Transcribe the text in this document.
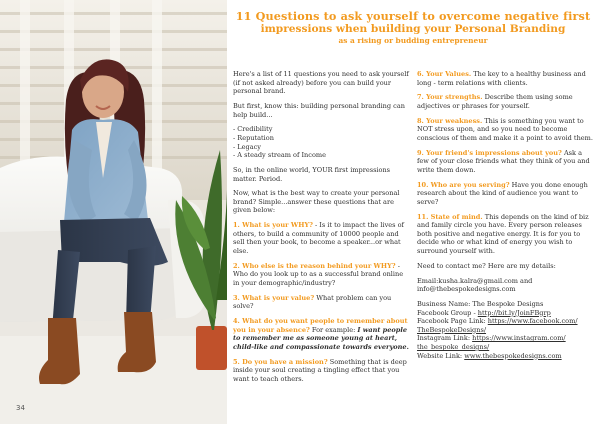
34
11 Questions to ask yourself to overcome negative first
impressions when building your Personal Branding
as a rising or budding entrepreneur

Here's a list of 11 questions you need to ask yourself (if not asked already) before you can build your personal brand.

But first, know this: building personal branding can help build...

- Credibility
- Reputation
- Legacy
- A steady stream of Income

So, in the online world, YOUR first impressions matter. Period.

Now, what is the best way to create your personal brand? Simple...answer these questions that are given below:

1. What is your WHY? - Is it to impact the lives of others, to build a community of 10000 people and sell then your book, to become a speaker...or what else.

2. Who else is the reason behind your WHY? - Who do you look up to as a successful brand online in your demographic/industry?

3. What is your value? What problem can you solve?

4. What do you want people to remember about you in your absence? For example: I want people to remember me as someone young at heart, child-like and compassionate towards everyone.

5. Do you have a mission? Something that is deep inside your soul creating a tingling effect that you want to teach others.

6. Your Values. The key to a healthy business and long - term relations with clients.

7. Your strengths. Describe them using some adjectives or phrases for yourself.

8. Your weakness. This is something you want to NOT stress upon, and so you need to become conscious of them and make it a point to avoid them.

9. Your friend's impressions about you? Ask a few of your close friends what they think of you and write them down.

10. Who are you serving? Have you done enough research about the kind of audience you want to serve?

11. State of mind. This depends on the kind of biz and family circle you have. Every person releases both positive and negative energy. It is for you to decide who or what kind of energy you wish to surround yourself with.

Need to contact me? Here are my details:

Email:kusha.kalra@gmail.com and
info@thebespokedesigns.com

Business Name: The Bespoke Designs
Facebook Group - http://bit.ly/JoinFBgrp
Facebook Page Link: https://www.facebook.com/
TheBespokeDesigns/
Instagram Link: https://www.instagram.com/
the_bespoke_designs/
Website Link: www.thebespokedesigns.com
